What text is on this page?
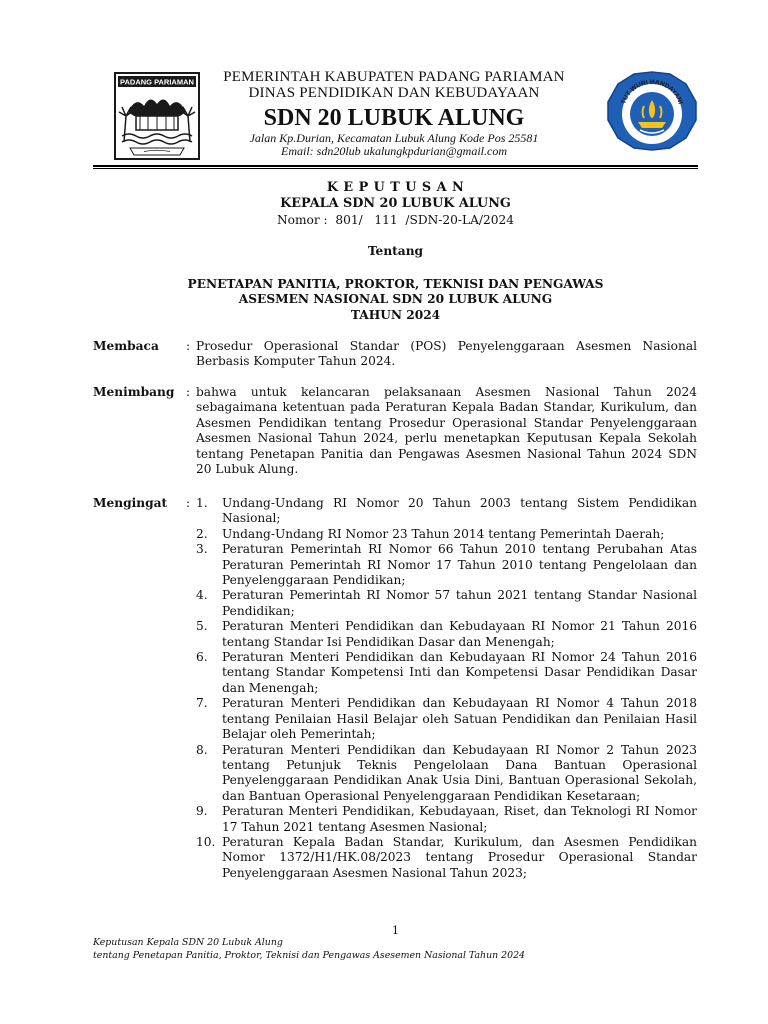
PADANG PARIAMAN	PEMERINTAH KABUPATEN PADANG PARIAMAN
DINAS PENDIDIKAN DAN KEBUDAYAAN
SDN 20 LUBUK ALUNG
Jalan Kp.Durian, Kecamatan Lubuk Alung Kode Pos 25581
Email: sdn20lub ukalungkpdurian@gmail.com
TUT WURI HANDAYANI
K E P U T U S A N
KEPALA SDN 20 LUBUK ALUNG
Nomor :  801/   111  /SDN-20-LA/2024
Tentang
PENETAPAN PANITIA, PROKTOR, TEKNISI DAN PENGAWAS
ASESMEN NASIONAL SDN 20 LUBUK ALUNG
TAHUN 2024
Membaca : Prosedur Operasional Standar (POS) Penyelenggaraan Asesmen Nasional Berbasis Komputer Tahun 2024.
Menimbang : bahwa untuk kelancaran pelaksanaan Asesmen Nasional Tahun 2024 sebagaimana ketentuan pada Peraturan Kepala Badan Standar, Kurikulum, dan Asesmen Pendidikan tentang Prosedur Operasional Standar Penyelenggaraan Asesmen Nasional Tahun 2024, perlu menetapkan Keputusan Kepala Sekolah tentang Penetapan Panitia dan Pengawas Asesmen Nasional Tahun 2024 SDN 20 Lubuk Alung.
Mengingat : 1.	Undang-Undang RI Nomor 20 Tahun 2003 tentang Sistem Pendidikan Nasional;
2.	Undang-Undang RI Nomor 23 Tahun 2014 tentang Pemerintah Daerah;
3.	Peraturan Pemerintah RI Nomor 66 Tahun 2010 tentang Perubahan Atas Peraturan Pemerintah RI Nomor 17 Tahun 2010 tentang Pengelolaan dan Penyelenggaraan Pendidikan;
4.	Peraturan Pemerintah RI Nomor 57 tahun 2021 tentang Standar Nasional Pendidikan;
5.	Peraturan Menteri Pendidikan dan Kebudayaan RI Nomor 21 Tahun 2016 tentang Standar Isi Pendidikan Dasar dan Menengah;
6.	Peraturan Menteri Pendidikan dan Kebudayaan RI Nomor 24 Tahun 2016 tentang Standar Kompetensi Inti dan Kompetensi Dasar Pendidikan Dasar dan Menengah;
7.	Peraturan Menteri Pendidikan dan Kebudayaan RI Nomor 4 Tahun 2018 tentang Penilaian Hasil Belajar oleh Satuan Pendidikan dan Penilaian Hasil Belajar oleh Pemerintah;
8.	Peraturan Menteri Pendidikan dan Kebudayaan RI Nomor 2 Tahun 2023 tentang Petunjuk Teknis Pengelolaan Dana Bantuan Operasional Penyelenggaraan Pendidikan Anak Usia Dini, Bantuan Operasional Sekolah, dan Bantuan Operasional Penyelenggaraan Pendidikan Kesetaraan;
9.	Peraturan Menteri Pendidikan, Kebudayaan, Riset, dan Teknologi RI Nomor 17 Tahun 2021 tentang Asesmen Nasional;
10. Peraturan Kepala Badan Standar, Kurikulum, dan Asesmen Pendidikan Nomor 1372/H1/HK.08/2023 tentang Prosedur Operasional Standar Penyelenggaraan Asesmen Nasional Tahun 2023;
1
Keputusan Kepala SDN 20 Lubuk Alung
tentang Penetapan Panitia, Proktor, Teknisi dan Pengawas Asesemen Nasional Tahun 2024
